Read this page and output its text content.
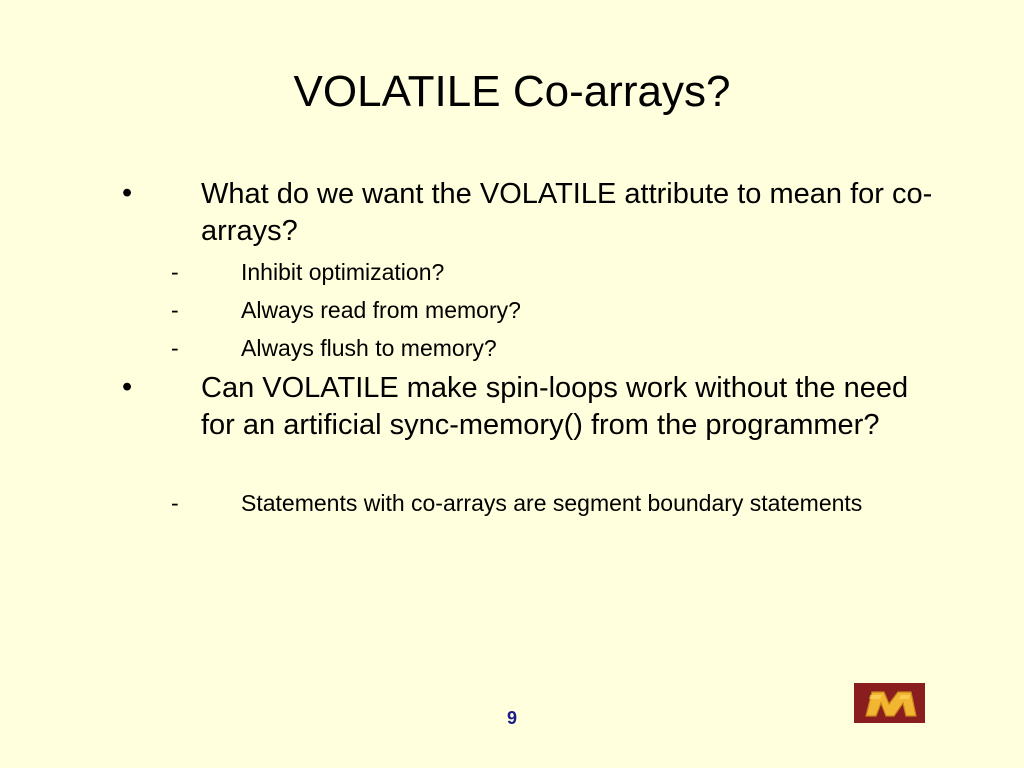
VOLATILE Co-arrays?
• What do we want the VOLATILE attribute to mean for co-arrays?
-	Inhibit optimization?
-	Always read from memory?
-	Always flush to memory?
• Can VOLATILE make spin-loops work without the need for an artificial sync-memory() from the programmer?
-	Statements with co-arrays are segment boundary statements
9
